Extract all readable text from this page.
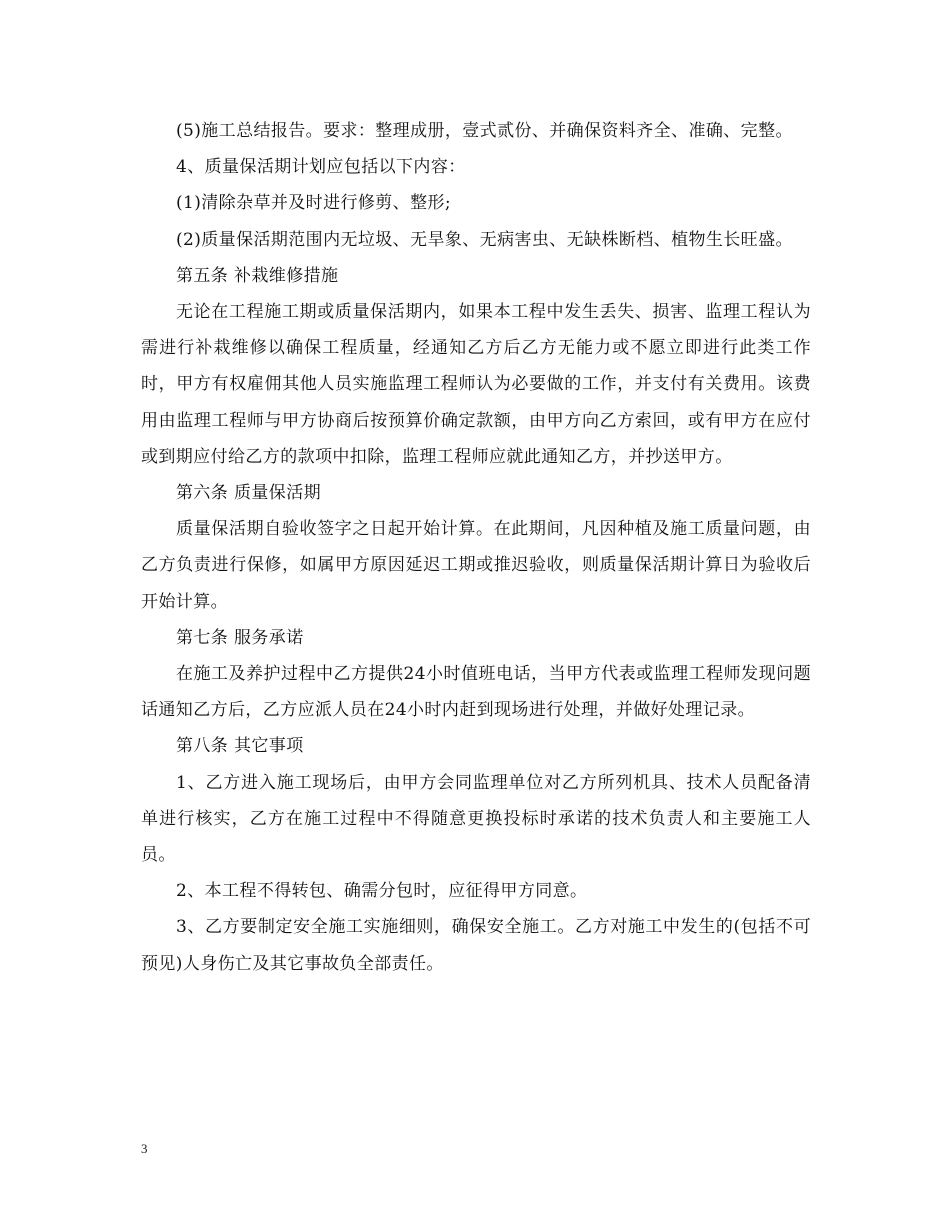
(5)施工总结报告。要求：整理成册，壹式贰份、并确保资料齐全、准确、完整。

4、质量保活期计划应包括以下内容：

(1)清除杂草并及时进行修剪、整形;

(2)质量保活期范围内无垃圾、无旱象、无病害虫、无缺株断档、植物生长旺盛。

第五条 补栽维修措施

无论在工程施工期或质量保活期内，如果本工程中发生丢失、损害、监理工程认为需进行补栽维修以确保工程质量，经通知乙方后乙方无能力或不愿立即进行此类工作时，甲方有权雇佣其他人员实施监理工程师认为必要做的工作，并支付有关费用。该费用由监理工程师与甲方协商后按预算价确定款额，由甲方向乙方索回，或有甲方在应付或到期应付给乙方的款项中扣除，监理工程师应就此通知乙方，并抄送甲方。

第六条 质量保活期

质量保活期自验收签字之日起开始计算。在此期间，凡因种植及施工质量问题，由乙方负责进行保修，如属甲方原因延迟工期或推迟验收，则质量保活期计算日为验收后开始计算。

第七条 服务承诺

在施工及养护过程中乙方提供24小时值班电话，当甲方代表或监理工程师发现问题话通知乙方后，乙方应派人员在24小时内赶到现场进行处理，并做好处理记录。

第八条 其它事项

1、乙方进入施工现场后，由甲方会同监理单位对乙方所列机具、技术人员配备清单进行核实，乙方在施工过程中不得随意更换投标时承诺的技术负责人和主要施工人员。

2、本工程不得转包、确需分包时，应征得甲方同意。

3、乙方要制定安全施工实施细则，确保安全施工。乙方对施工中发生的(包括不可预见)人身伤亡及其它事故负全部责任。

3
